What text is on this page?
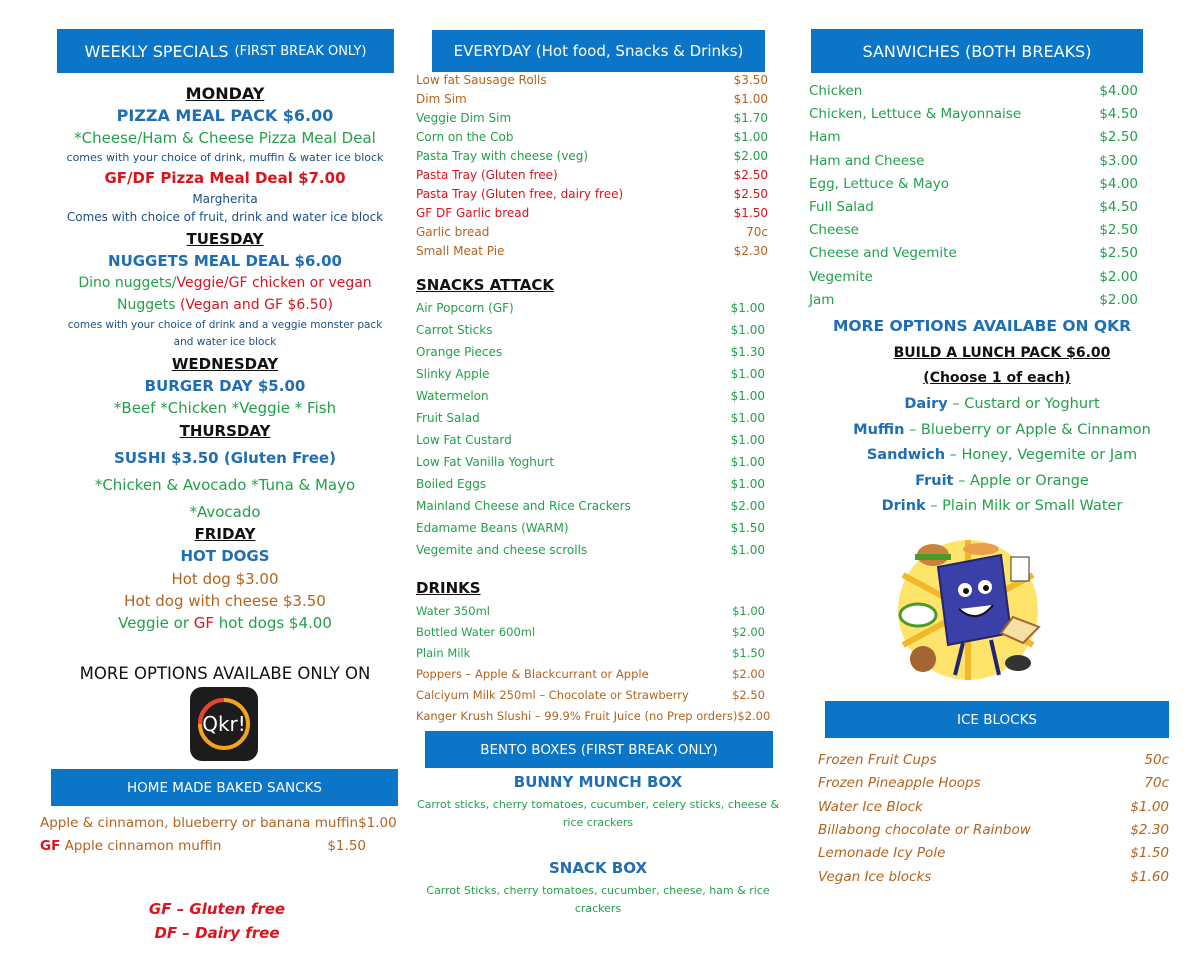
WEEKLY SPECIALS (FIRST BREAK ONLY)
MONDAY
PIZZA MEAL PACK $6.00
*Cheese/Ham & Cheese Pizza Meal Deal
comes with your choice of drink, muffin & water ice block
GF/DF Pizza Meal Deal $7.00
Margherita
Comes with choice of fruit, drink and water ice block
TUESDAY
NUGGETS MEAL DEAL $6.00
Dino nuggets/Veggie/GF chicken or vegan
Nuggets (Vegan and GF $6.50)
comes with your choice of drink and a veggie monster pack
and water ice block
WEDNESDAY
BURGER DAY $5.00
*Beef *Chicken *Veggie * Fish
THURSDAY
SUSHI $3.50 (Gluten Free)
*Chicken & Avocado *Tuna & Mayo
*Avocado
FRIDAY
HOT DOGS
Hot dog $3.00
Hot dog with cheese $3.50
Veggie or GF hot dogs $4.00
MORE OPTIONS AVAILABE ONLY ON
Qkr!
HOME MADE BAKED SANCKS
Apple & cinnamon, blueberry or banana muffin $1.00
GF Apple cinnamon muffin	$1.50
GF – Gluten free
DF – Dairy free
EVERYDAY (Hot food, Snacks & Drinks)
Low fat Sausage Rolls	$3.50
Dim Sim	$1.00
Veggie Dim Sim	$1.70
Corn on the Cob	$1.00
Pasta Tray with cheese (veg)	$2.00
Pasta Tray (Gluten free)	$2.50
Pasta Tray (Gluten free, dairy free)	$2.50
GF DF Garlic bread	$1.50
Garlic bread	70c
Small Meat Pie	$2.30
SNACKS ATTACK
Air Popcorn (GF)	$1.00
Carrot Sticks	$1.00
Orange Pieces	$1.30
Slinky Apple	$1.00
Watermelon	$1.00
Fruit Salad	$1.00
Low Fat Custard	$1.00
Low Fat Vanilla Yoghurt	$1.00
Boiled Eggs	$1.00
Mainland Cheese and Rice Crackers	$2.00
Edamame Beans (WARM)	$1.50
Vegemite and cheese scrolls	$1.00
DRINKS
Water 350ml	$1.00
Bottled Water 600ml	$2.00
Plain Milk	$1.50
Poppers – Apple & Blackcurrant or Apple	$2.00
Calciyum Milk 250ml – Chocolate or Strawberry	$2.50
Kanger Krush Slushi – 99.9% Fruit Juice (no Prep orders) $2.00
BENTO BOXES (FIRST BREAK ONLY)
BUNNY MUNCH BOX
Carrot sticks, cherry tomatoes, cucumber, celery sticks, cheese &
rice crackers
SNACK BOX
Carrot Sticks, cherry tomatoes, cucumber, cheese, ham & rice
crackers
SANWICHES (BOTH BREAKS)
Chicken	$4.00
Chicken, Lettuce & Mayonnaise	$4.50
Ham	$2.50
Ham and Cheese	$3.00
Egg, Lettuce & Mayo	$4.00
Full Salad	$4.50
Cheese	$2.50
Cheese and Vegemite	$2.50
Vegemite	$2.00
Jam	$2.00
MORE OPTIONS AVAILABE ON QKR
BUILD A LUNCH PACK $6.00
(Choose 1 of each)
Dairy – Custard or Yoghurt
Muffin – Blueberry or Apple & Cinnamon
Sandwich – Honey, Vegemite or Jam
Fruit – Apple or Orange
Drink – Plain Milk or Small Water
ICE BLOCKS
Frozen Fruit Cups	50c
Frozen Pineapple Hoops	70c
Water Ice Block	$1.00
Billabong chocolate or Rainbow	$2.30
Lemonade Icy Pole	$1.50
Vegan Ice blocks	$1.60
